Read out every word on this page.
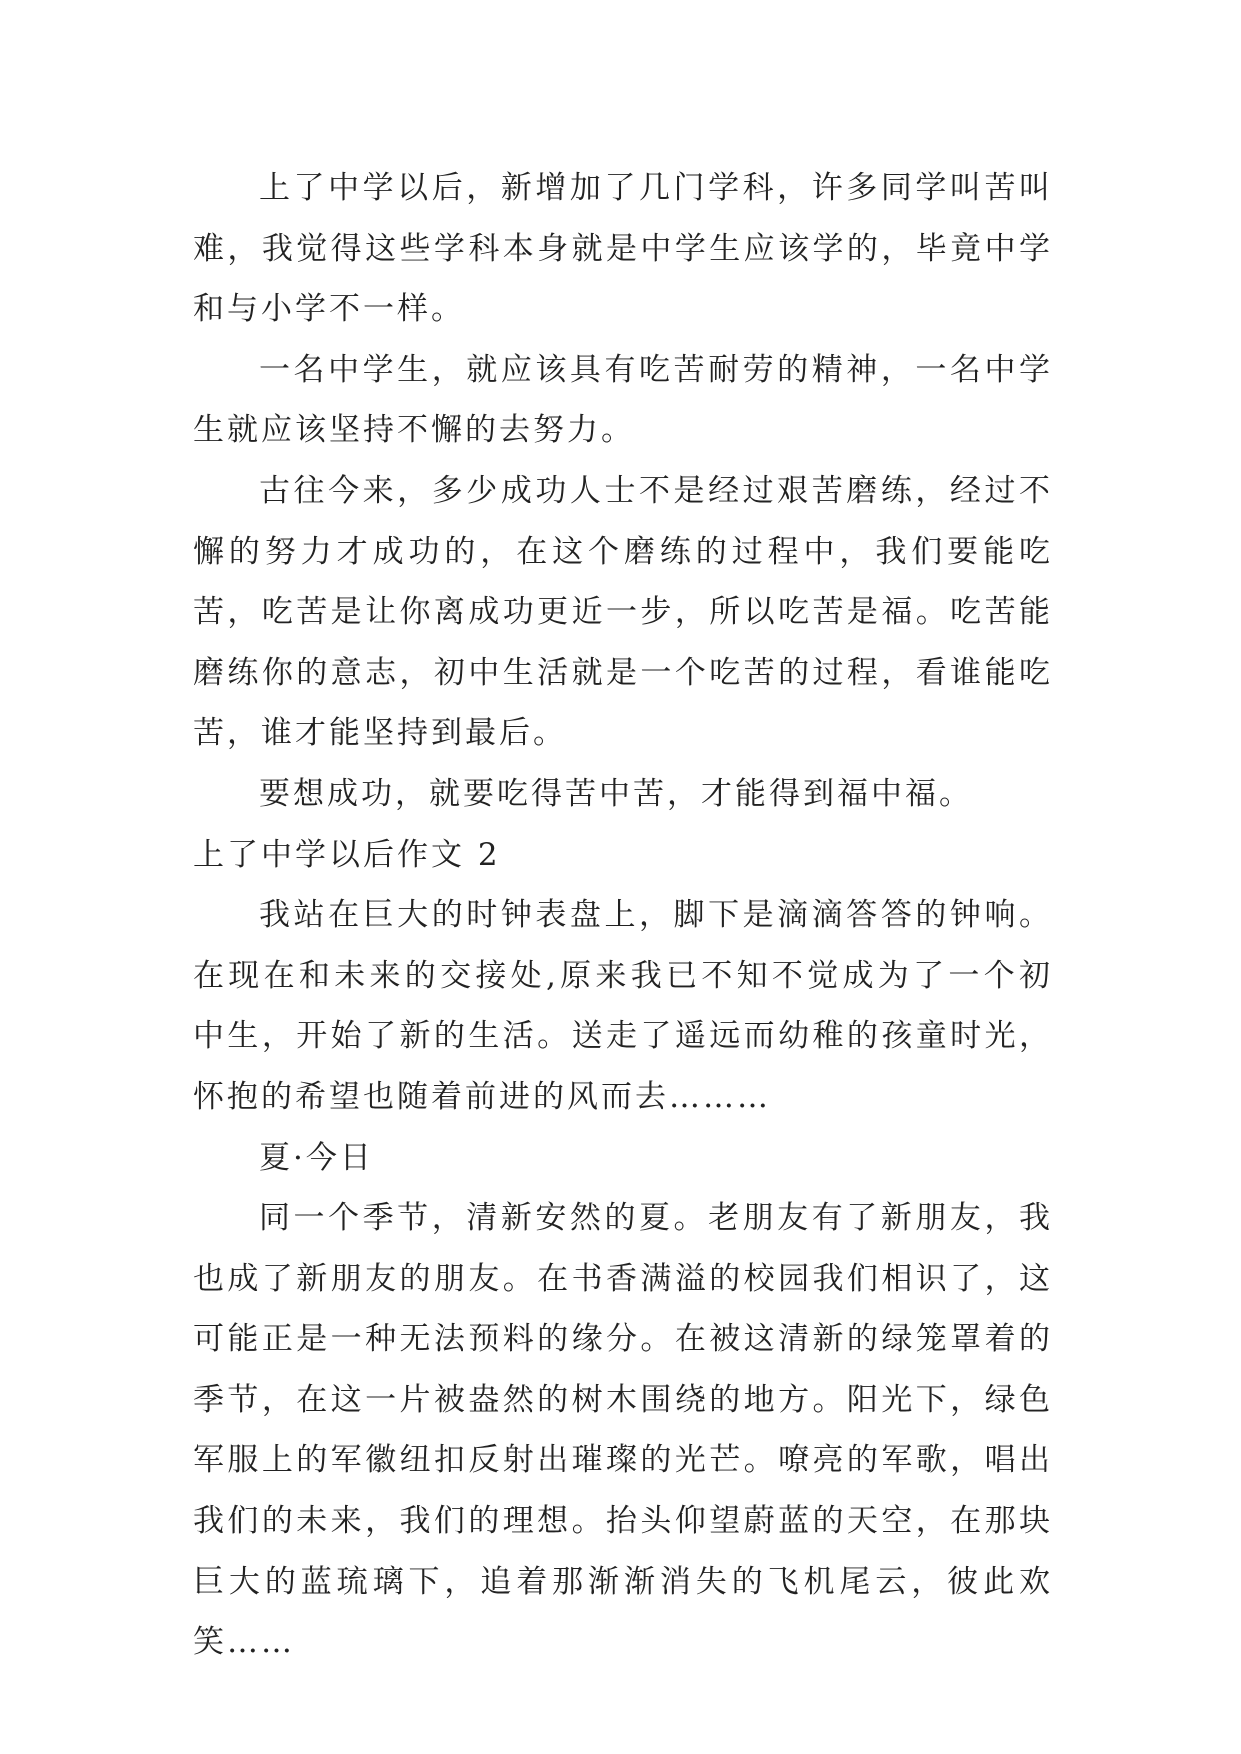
上了中学以后，新增加了几门学科，许多同学叫苦叫难，我觉得这些学科本身就是中学生应该学的，毕竟中学和与小学不一样。

一名中学生，就应该具有吃苦耐劳的精神，一名中学生就应该坚持不懈的去努力。

古往今来，多少成功人士不是经过艰苦磨练，经过不懈的努力才成功的，在这个磨练的过程中，我们要能吃苦，吃苦是让你离成功更近一步，所以吃苦是福。吃苦能磨练你的意志，初中生活就是一个吃苦的过程，看谁能吃苦，谁才能坚持到最后。

要想成功，就要吃得苦中苦，才能得到福中福。

上了中学以后作文 2

我站在巨大的时钟表盘上，脚下是滴滴答答的钟响。在现在和未来的交接处,原来我已不知不觉成为了一个初中生，开始了新的生活。送走了遥远而幼稚的孩童时光，怀抱的希望也随着前进的风而去………

夏·今日

同一个季节，清新安然的夏。老朋友有了新朋友，我也成了新朋友的朋友。在书香满溢的校园我们相识了，这可能正是一种无法预料的缘分。在被这清新的绿笼罩着的季节，在这一片被盎然的树木围绕的地方。阳光下，绿色军服上的军徽纽扣反射出璀璨的光芒。嘹亮的军歌，唱出我们的未来，我们的理想。抬头仰望蔚蓝的天空，在那块巨大的蓝琉璃下，追着那渐渐消失的飞机尾云，彼此欢笑……
